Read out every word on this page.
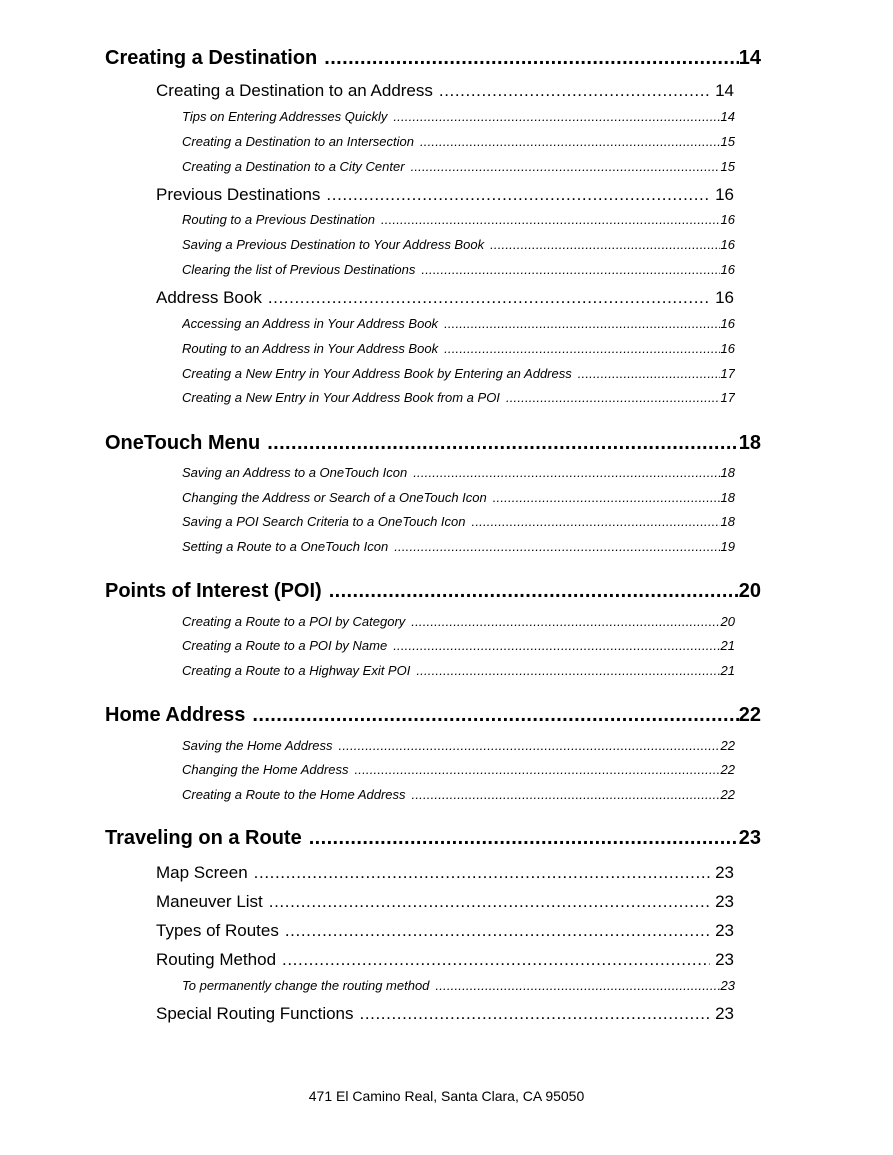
Creating a Destination .....	14
Creating a Destination to an Address .....	14
Tips on Entering Addresses Quickly .....	14
Creating a Destination to an Intersection .....	15
Creating a Destination to a City Center .....	15
Previous Destinations .....	16
Routing to a Previous Destination .....	16
Saving a Previous Destination to Your Address Book .....	16
Clearing the list of Previous Destinations .....	16
Address Book .....	16
Accessing an Address in Your Address Book .....	16
Routing to an Address in Your Address Book .....	16
Creating a New Entry in Your Address Book by Entering an Address .....	17
Creating a New Entry in Your Address Book from a POI .....	17
OneTouch Menu .....	18
Saving an Address to a OneTouch Icon .....	18
Changing the Address or Search of a OneTouch Icon .....	18
Saving a POI Search Criteria to a OneTouch Icon .....	18
Setting a Route to a OneTouch Icon .....	19
Points of Interest (POI) .....	20
Creating a Route to a POI by Category .....	20
Creating a Route to a POI by Name .....	21
Creating a Route to a Highway Exit POI .....	21
Home Address .....	22
Saving the Home Address .....	22
Changing the Home Address .....	22
Creating a Route to the Home Address .....	22
Traveling on a Route .....	23
Map Screen .....	23
Maneuver List .....	23
Types of Routes .....	23
Routing Method .....	23
To permanently change the routing method .....	23
Special Routing Functions .....	23
471 El Camino Real, Santa Clara, CA 95050
